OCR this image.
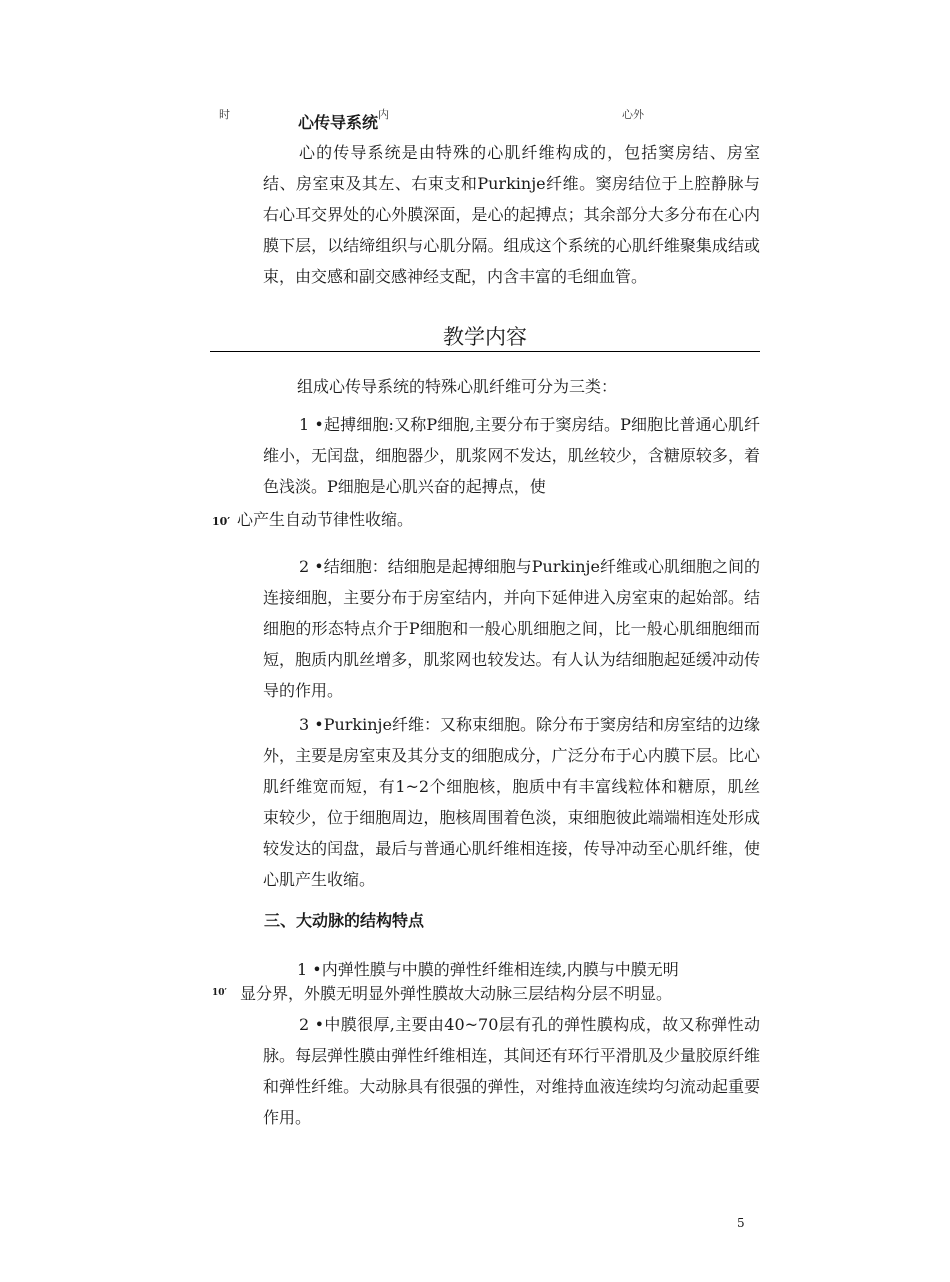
时	心传导系统 内	心外
心的传导系统是由特殊的心肌纤维构成的，包括窦房结、房室结、房室束及其左、右束支和Purkinje纤维。窦房结位于上腔静脉与右心耳交界处的心外膜深面，是心的起搏点；其余部分大多分布在心内膜下层，以结缔组织与心肌分隔。组成这个系统的心肌纤维聚集成结或束，由交感和副交感神经支配，内含丰富的毛细血管。
教学内容
组成心传导系统的特殊心肌纤维可分为三类：
1 •起搏细胞:又称P细胞,主要分布于窦房结。P细胞比普通心肌纤维小，无闰盘，细胞器少，肌浆网不发达，肌丝较少，含糖原较多，着色浅淡。P细胞是心肌兴奋的起搏点，使
10′ 心产生自动节律性收缩。
2 •结细胞：结细胞是起搏细胞与Purkinje纤维或心肌细胞之间的连接细胞，主要分布于房室结内，并向下延伸进入房室束的起始部。结细胞的形态特点介于P细胞和一般心肌细胞之间，比一般心肌细胞细而短，胞质内肌丝增多，肌浆网也较发达。有人认为结细胞起延缓冲动传导的作用。
3 •Purkinje纤维：又称束细胞。除分布于窦房结和房室结的边缘外，主要是房室束及其分支的细胞成分，广泛分布于心内膜下层。比心肌纤维宽而短，有1~2个细胞核，胞质中有丰富线粒体和糖原，肌丝束较少，位于细胞周边，胞核周围着色淡，束细胞彼此端端相连处形成较发达的闰盘，最后与普通心肌纤维相连接，传导冲动至心肌纤维，使心肌产生收缩。
三、大动脉的结构特点
1 •内弹性膜与中膜的弹性纤维相连续,内膜与中膜无明
10′ 显分界，外膜无明显外弹性膜故大动脉三层结构分层不明显。
2 •中膜很厚,主要由40~70层有孔的弹性膜构成，故又称弹性动脉。每层弹性膜由弹性纤维相连，其间还有环行平滑肌及少量胶原纤维和弹性纤维。大动脉具有很强的弹性，对维持血液连续均匀流动起重要作用。
5
